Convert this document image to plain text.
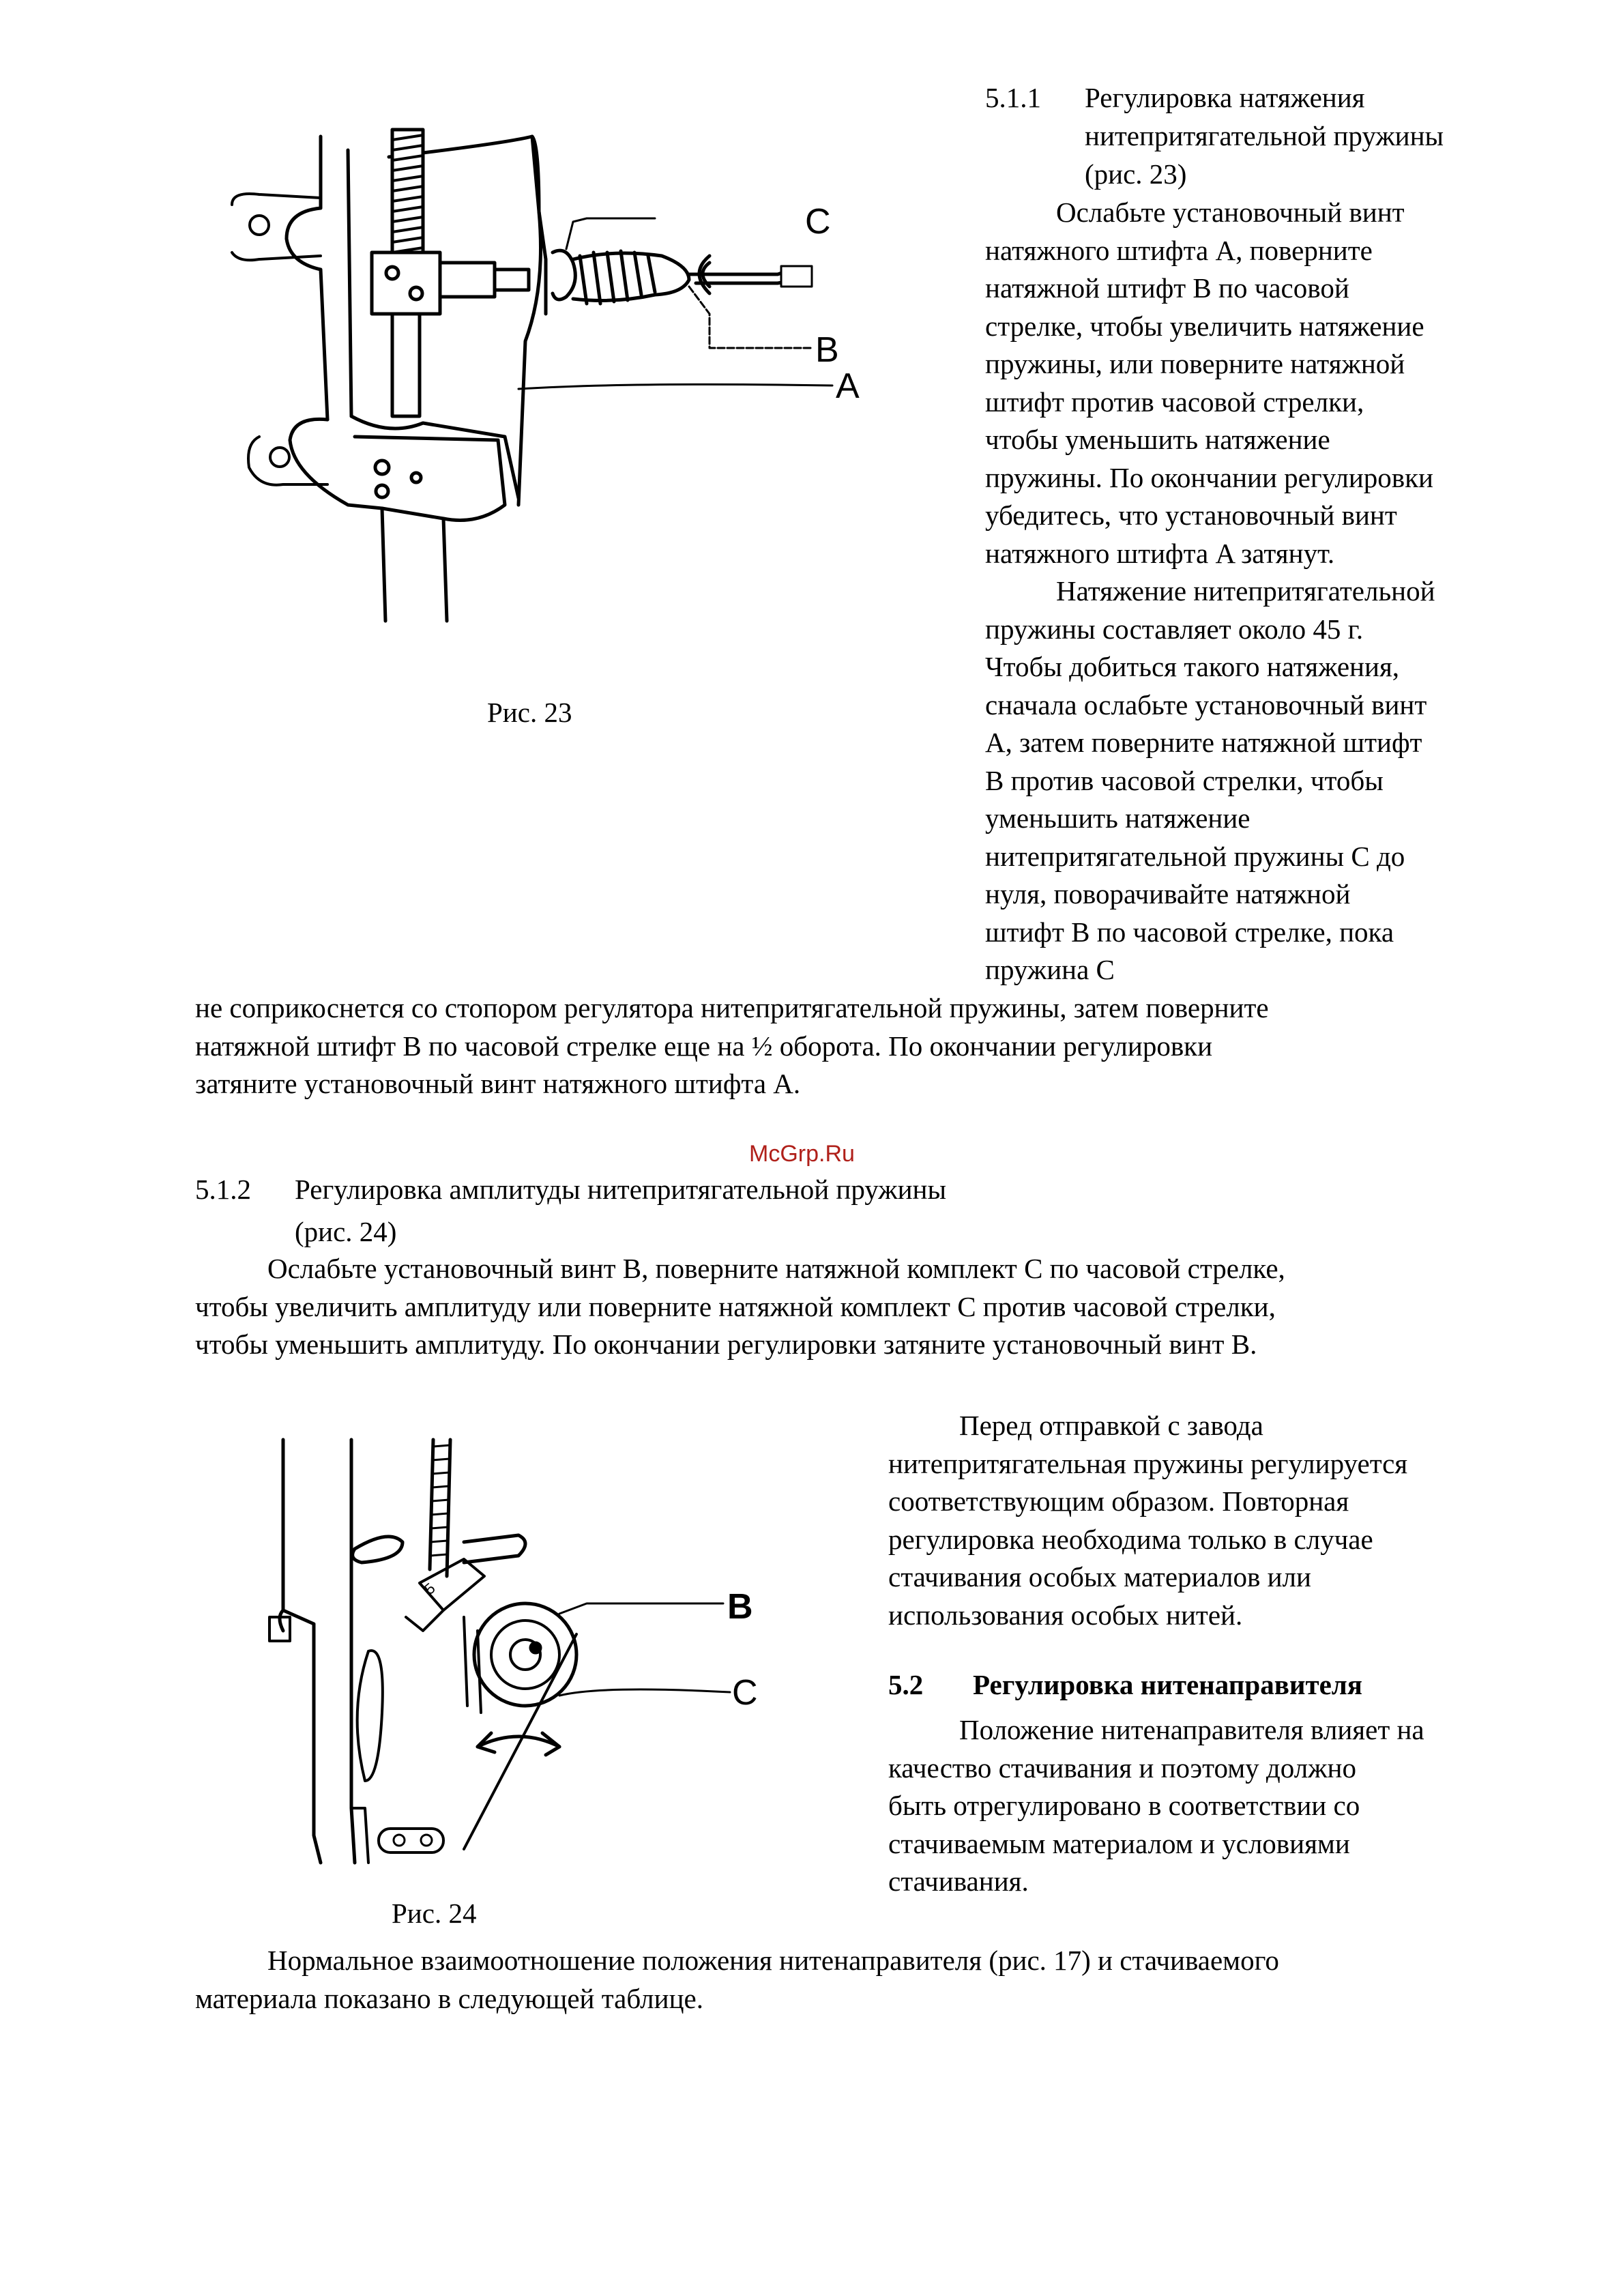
C
B
A
Рис. 23
5.1.1 Регулировка натяжения
нитепритягательной пружины
(рис. 23)
Ослабьте установочный винт
натяжного штифта A, поверните
натяжной штифт B по часовой
стрелке, чтобы увеличить натяжение
пружины, или поверните натяжной
штифт против часовой стрелки,
чтобы уменьшить натяжение
пружины. По окончании регулировки
убедитесь, что установочный винт
натяжного штифта A затянут.
Натяжение нитепритягательной
пружины составляет около 45 г.
Чтобы добиться такого натяжения,
сначала ослабьте установочный винт
A, затем поверните натяжной штифт
B против часовой стрелки, чтобы
уменьшить натяжение
нитепритягательной пружины C до
нуля, поворачивайте натяжной
штифт B по часовой стрелке, пока
пружина C
не соприкоснется со стопором регулятора нитепритягательной пружины, затем поверните
натяжной штифт B по часовой стрелке еще на ½ оборота. По окончании регулировки
затяните установочный винт натяжного штифта A.
McGrp.Ru
5.1.2 Регулировка амплитуды нитепритягательной пружины
(рис. 24)
Ослабьте установочный винт B, поверните натяжной комплект C по часовой стрелке,
чтобы увеличить амплитуду или поверните натяжной комплект C против часовой стрелки,
чтобы уменьшить амплитуду. По окончании регулировки затяните установочный винт B.
5	B
C
Рис. 24
Перед отправкой с завода
нитепритягательная пружины регулируется
соответствующим образом. Повторная
регулировка необходима только в случае
стачивания особых материалов или
использования особых нитей.
5.2 Регулировка нитенаправителя
Положение нитенаправителя влияет на
качество стачивания и поэтому должно
быть отрегулировано в соответствии со
стачиваемым материалом и условиями
стачивания.
Нормальное взаимоотношение положения нитенаправителя (рис. 17) и стачиваемого
материала показано в следующей таблице.
